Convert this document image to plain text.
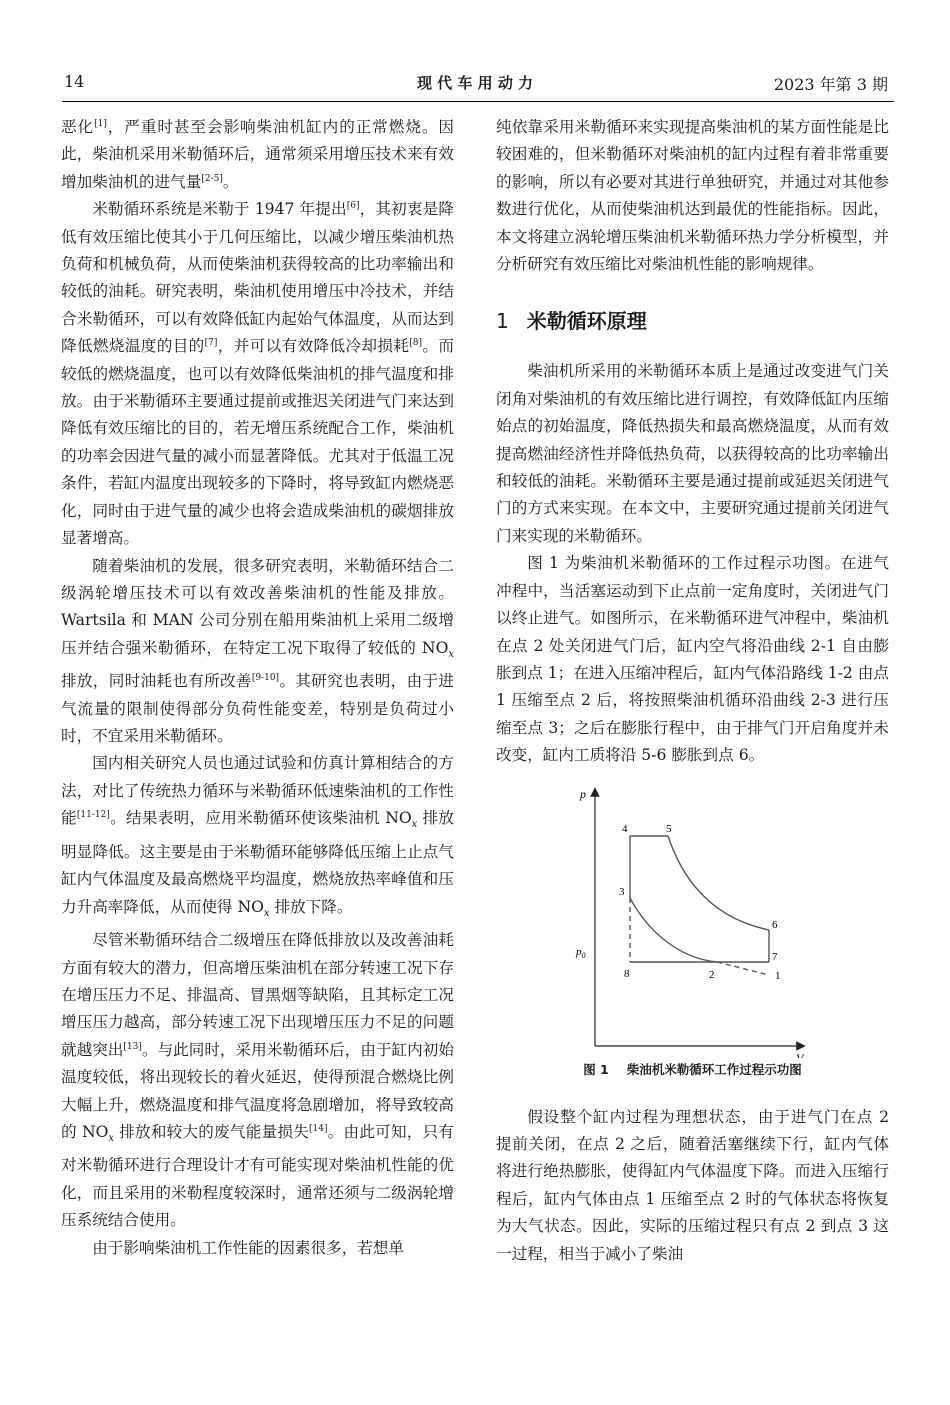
14	现 代 车 用 动 力	2023 年第 3 期

恶化[1]，严重时甚至会影响柴油机缸内的正常燃烧。因此，柴油机采用米勒循环后，通常须采用增压技术来有效增加柴油机的进气量[2-5]。

米勒循环系统是米勒于 1947 年提出[6]，其初衷是降低有效压缩比使其小于几何压缩比，以减少增压柴油机热负荷和机械负荷，从而使柴油机获得较高的比功率输出和较低的油耗。研究表明，柴油机使用增压中冷技术，并结合米勒循环，可以有效降低缸内起始气体温度，从而达到降低燃烧温度的目的[7]，并可以有效降低冷却损耗[8]。而较低的燃烧温度，也可以有效降低柴油机的排气温度和排放。由于米勒循环主要通过提前或推迟关闭进气门来达到降低有效压缩比的目的，若无增压系统配合工作，柴油机的功率会因进气量的减小而显著降低。尤其对于低温工况条件，若缸内温度出现较多的下降时，将导致缸内燃烧恶化，同时由于进气量的减少也将会造成柴油机的碳烟排放显著增高。

随着柴油机的发展，很多研究表明，米勒循环结合二级涡轮增压技术可以有效改善柴油机的性能及排放。Wartsila 和 MAN 公司分别在船用柴油机上采用二级增压并结合强米勒循环，在特定工况下取得了较低的 $NO_x$ 排放，同时油耗也有所改善[9-10]。其研究也表明，由于进气流量的限制使得部分负荷性能变差，特别是负荷过小时，不宜采用米勒循环。

国内相关研究人员也通过试验和仿真计算相结合的方法，对比了传统热力循环与米勒循环低速柴油机的工作性能[11-12]。结果表明，应用米勒循环使该柴油机 $NO_x$ 排放明显降低。这主要是由于米勒循环能够降低压缩上止点气缸内气体温度及最高燃烧平均温度，燃烧放热率峰值和压力升高率降低，从而使得 $NO_x$ 排放下降。

尽管米勒循环结合二级增压在降低排放以及改善油耗方面有较大的潜力，但高增压柴油机在部分转速工况下存在增压压力不足、排温高、冒黑烟等缺陷，且其标定工况增压压力越高，部分转速工况下出现增压压力不足的问题就越突出[13]。与此同时，采用米勒循环后，由于缸内初始温度较低，将出现较长的着火延迟，使得预混合燃烧比例大幅上升，燃烧温度和排气温度将急剧增加，将导致较高的 $NO_x$ 排放和较大的废气能量损失[14]。由此可知，只有对米勒循环进行合理设计才有可能实现对柴油机性能的优化，而且采用的米勒程度较深时，通常还须与二级涡轮增压系统结合使用。

由于影响柴油机工作性能的因素很多，若想单

纯依靠采用米勒循环来实现提高柴油机的某方面性能是比较困难的，但米勒循环对柴油机的缸内过程有着非常重要的影响，所以有必要对其进行单独研究，并通过对其他参数进行优化，从而使柴油机达到最优的性能指标。因此，本文将建立涡轮增压柴油机米勒循环热力学分析模型，并分析研究有效压缩比对柴油机性能的影响规律。

1 米勒循环原理

柴油机所采用的米勒循环本质上是通过改变进气门关闭角对柴油机的有效压缩比进行调控，有效降低缸内压缩始点的初始温度，降低热损失和最高燃烧温度，从而有效提高燃油经济性并降低热负荷，以获得较高的比功率输出和较低的油耗。米勒循环主要是通过提前或延迟关闭进气门的方式来实现。在本文中，主要研究通过提前关闭进气门来实现的米勒循环。

图 1 为柴油机米勒循环的工作过程示功图。在进气冲程中，当活塞运动到下止点前一定角度时，关闭进气门以终止进气。如图所示，在米勒循环进气冲程中，柴油机在点 2 处关闭进气门后，缸内空气将沿曲线 2-1 自由膨胀到点 1；在进入压缩冲程后，缸内气体沿路线 1-2 由点 1 压缩至点 2 后，将按照柴油机循环沿曲线 2-3 进行压缩至点 3；之后在膨胀行程中，由于排气门开启角度并未改变，缸内工质将沿 5-6 膨胀到点 6。

p
V
$p_0$
1
2
3
4	5
6
7
8
图 1 柴油机米勒循环工作过程示功图

假设整个缸内过程为理想状态，由于进气门在点 2 提前关闭，在点 2 之后，随着活塞继续下行，缸内气体将进行绝热膨胀，使得缸内气体温度下降。而进入压缩行程后，缸内气体由点 1 压缩至点 2 时的气体状态将恢复为大气状态。因此，实际的压缩过程只有点 2 到点 3 这一过程，相当于减小了柴油
